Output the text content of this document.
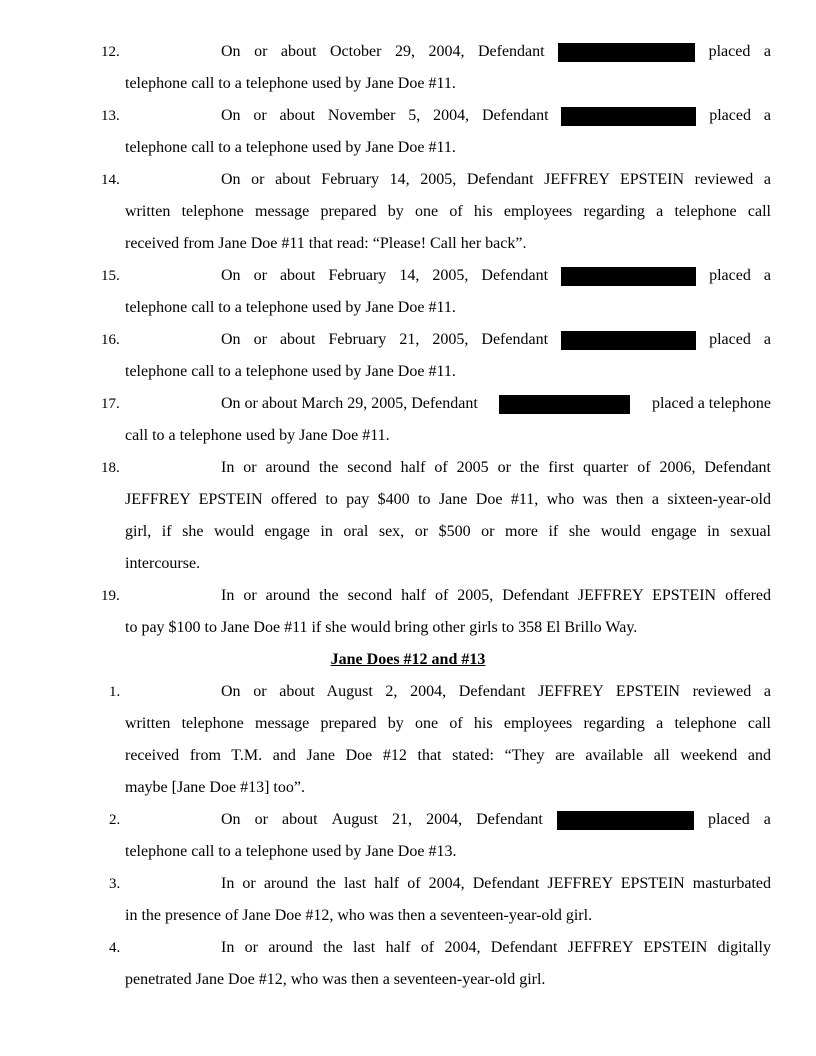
12.	On or about October 29, 2004, Defendant	placed a
telephone call to a telephone used by Jane Doe #11.
13.	On or about November 5, 2004, Defendant	placed a
telephone call to a telephone used by Jane Doe #11.
14.	On or about February 14, 2005, Defendant JEFFREY EPSTEIN reviewed a
written telephone message prepared by one of his employees regarding a telephone call
received from Jane Doe #11 that read: “Please! Call her back”.
15.	On or about February 14, 2005, Defendant	placed a
telephone call to a telephone used by Jane Doe #11.
16.	On or about February 21, 2005, Defendant	placed a
telephone call to a telephone used by Jane Doe #11.
17.	On or about March 29, 2005, Defendant	placed a telephone
call to a telephone used by Jane Doe #11.
18.	In or around the second half of 2005 or the first quarter of 2006, Defendant
JEFFREY EPSTEIN offered to pay $400 to Jane Doe #11, who was then a sixteen-year-old
girl, if she would engage in oral sex, or $500 or more if she would engage in sexual
intercourse.
19.	In or around the second half of 2005, Defendant JEFFREY EPSTEIN offered
to pay $100 to Jane Doe #11 if she would bring other girls to 358 El Brillo Way.
Jane Does #12 and #13
1.	On or about August 2, 2004, Defendant JEFFREY EPSTEIN reviewed a
written telephone message prepared by one of his employees regarding a telephone call
received from T.M. and Jane Doe #12 that stated: “They are available all weekend and
maybe [Jane Doe #13] too”.
2.	On or about August 21, 2004, Defendant	placed a
telephone call to a telephone used by Jane Doe #13.
3.	In or around the last half of 2004, Defendant JEFFREY EPSTEIN masturbated
in the presence of Jane Doe #12, who was then a seventeen-year-old girl.
4.	In or around the last half of 2004, Defendant JEFFREY EPSTEIN digitally
penetrated Jane Doe #12, who was then a seventeen-year-old girl.
